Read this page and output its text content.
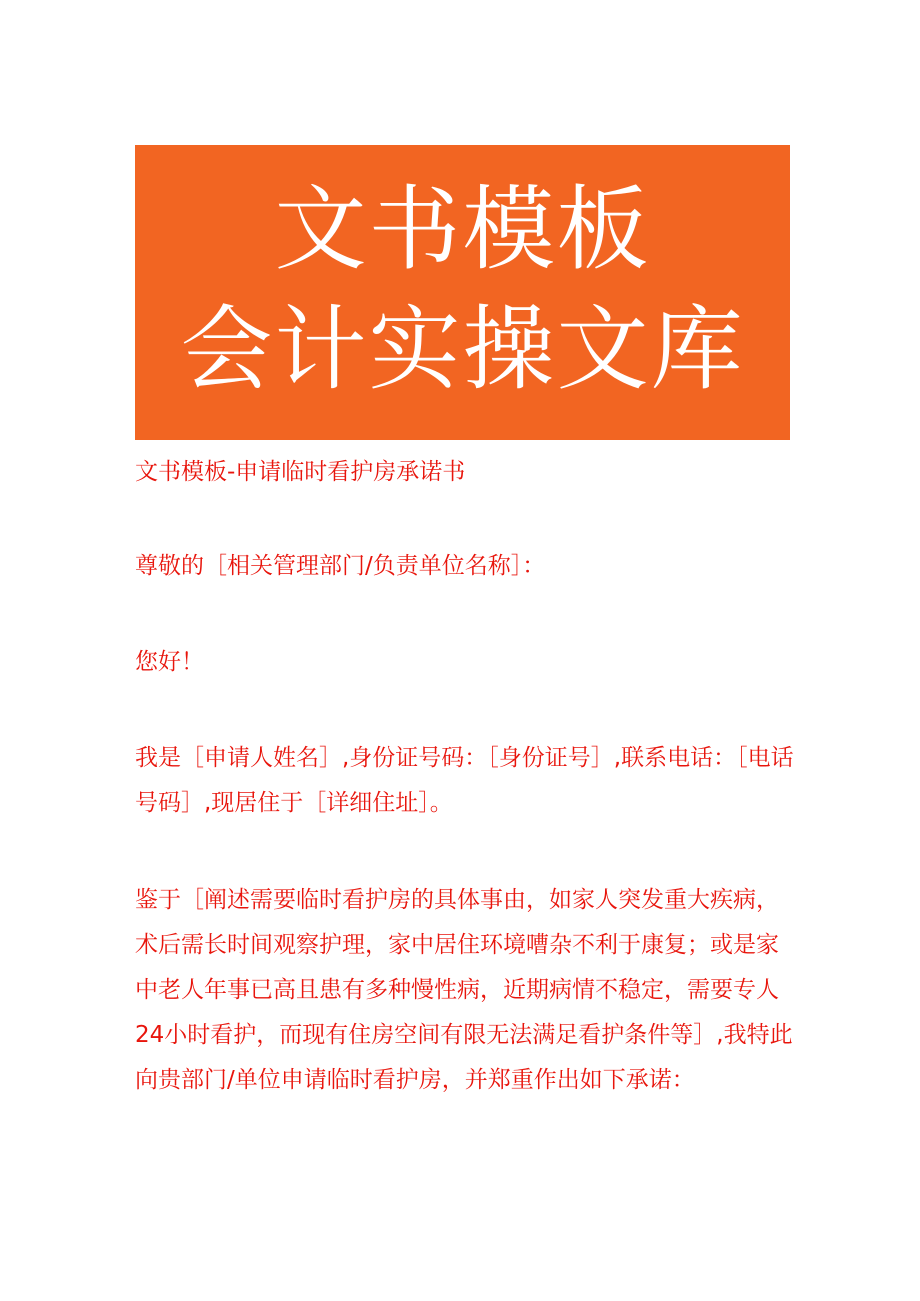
文书模板
会计实操文库

文书模板-申请临时看护房承诺书

尊敬的［相关管理部门/负责单位名称］：

您好！

我是［申请人姓名］,身份证号码：［身份证号］,联系电话：［电话号码］,现居住于［详细住址］。

鉴于［阐述需要临时看护房的具体事由，如家人突发重大疾病，术后需长时间观察护理，家中居住环境嘈杂不利于康复；或是家中老人年事已高且患有多种慢性病，近期病情不稳定，需要专人24小时看护，而现有住房空间有限无法满足看护条件等］,我特此向贵部门/单位申请临时看护房，并郑重作出如下承诺：
